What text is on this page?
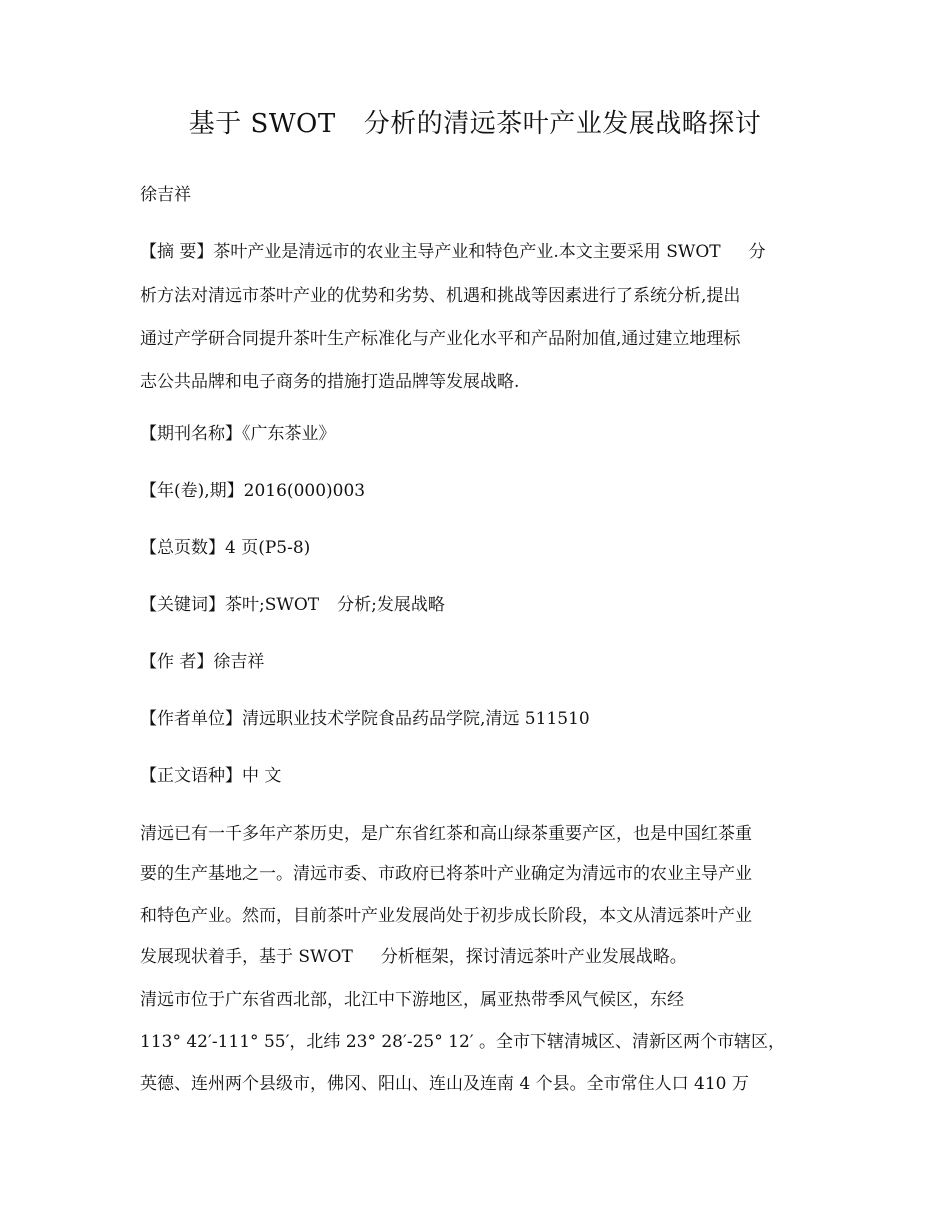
基于 SWOT 分析的清远茶叶产业发展战略探讨
徐吉祥
【摘 要】茶叶产业是清远市的农业主导产业和特色产业.本文主要采用 SWOT 分
析方法对清远市茶叶产业的优势和劣势、机遇和挑战等因素进行了系统分析,提出
通过产学研合同提升茶叶生产标准化与产业化水平和产品附加值,通过建立地理标
志公共品牌和电子商务的措施打造品牌等发展战略.
【期刊名称】《广东茶业》
【年(卷),期】2016(000)003
【总页数】4 页(P5-8)
【关键词】茶叶;SWOT 分析;发展战略
【作 者】徐吉祥
【作者单位】清远职业技术学院食品药品学院,清远 511510
【正文语种】中 文
清远已有一千多年产茶历史，是广东省红茶和高山绿茶重要产区，也是中国红茶重
要的生产基地之一。清远市委、市政府已将茶叶产业确定为清远市的农业主导产业
和特色产业。然而，目前茶叶产业发展尚处于初步成长阶段，本文从清远茶叶产业
发展现状着手，基于 SWOT 分析框架，探讨清远茶叶产业发展战略。
清远市位于广东省西北部，北江中下游地区，属亚热带季风气候区，东经
113° 42′-111° 55′，北纬 23° 28′-25° 12′ 。全市下辖清城区、清新区两个市辖区，
英德、连州两个县级市，佛冈、阳山、连山及连南 4 个县。全市常住人口 410 万
